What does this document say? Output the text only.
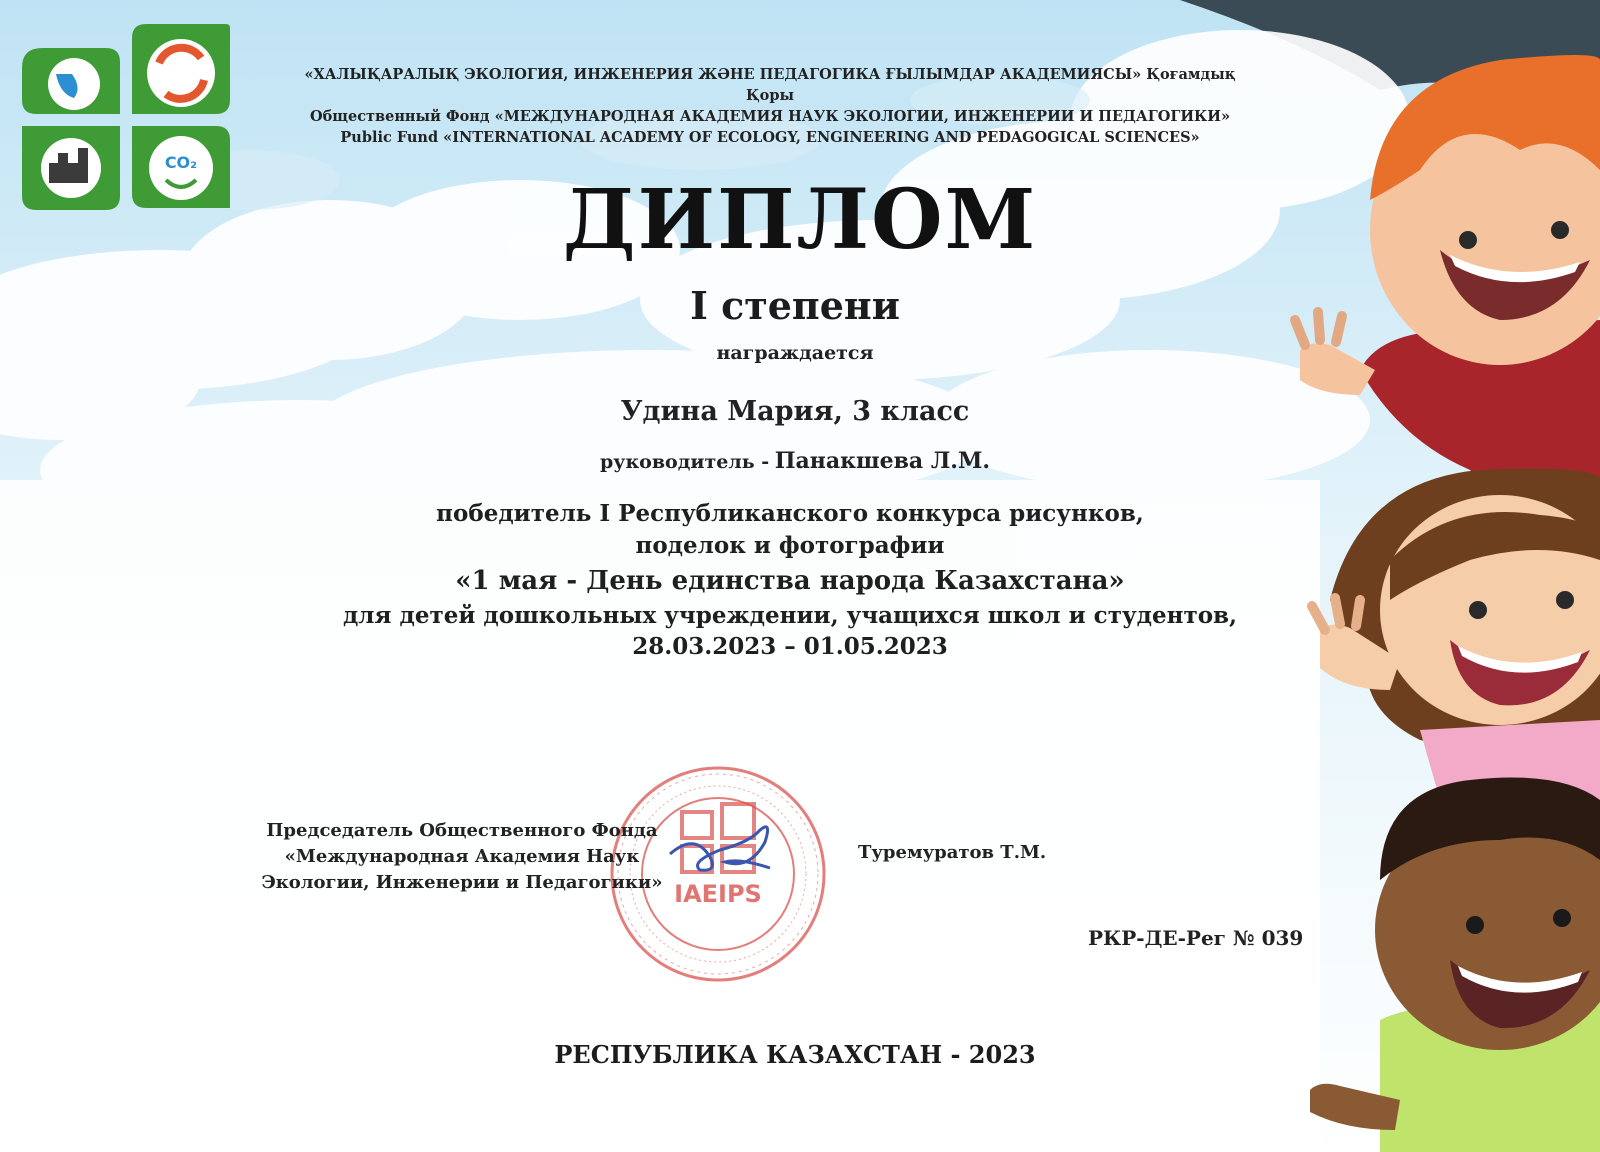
CO₂
«ХАЛЫҚАРАЛЫҚ ЭКОЛОГИЯ, ИНЖЕНЕРИЯ ЖӘНЕ ПЕДАГОГИКА ҒЫЛЫМДАР АКАДЕМИЯСЫ» Қоғамдық Қоры
Общественный Фонд «МЕЖДУНАРОДНАЯ АКАДЕМИЯ НАУК ЭКОЛОГИИ, ИНЖЕНЕРИИ И ПЕДАГОГИКИ»
Public Fund «INTERNATIONAL ACADEMY OF ECOLOGY, ENGINEERING AND PEDAGOGICAL SCIENCES»
ДИПЛОМ
I степени
награждается
Удина Мария, 3 класс
руководитель - Панакшева Л.М.
победитель I Республиканского конкурса рисунков,
поделок и фотографии
«1 мая - День единства народа Казахстана»
для детей дошкольных учреждении, учащихся школ и студентов,
28.03.2023 – 01.05.2023
IAEIPS
Председатель Общественного Фонда
«Международная Академия Наук
Экологии, Инженерии и Педагогики»
Туремуратов Т.М.
РКР-ДЕ-Рег № 039
РЕСПУБЛИКА КАЗАХСТАН - 2023
